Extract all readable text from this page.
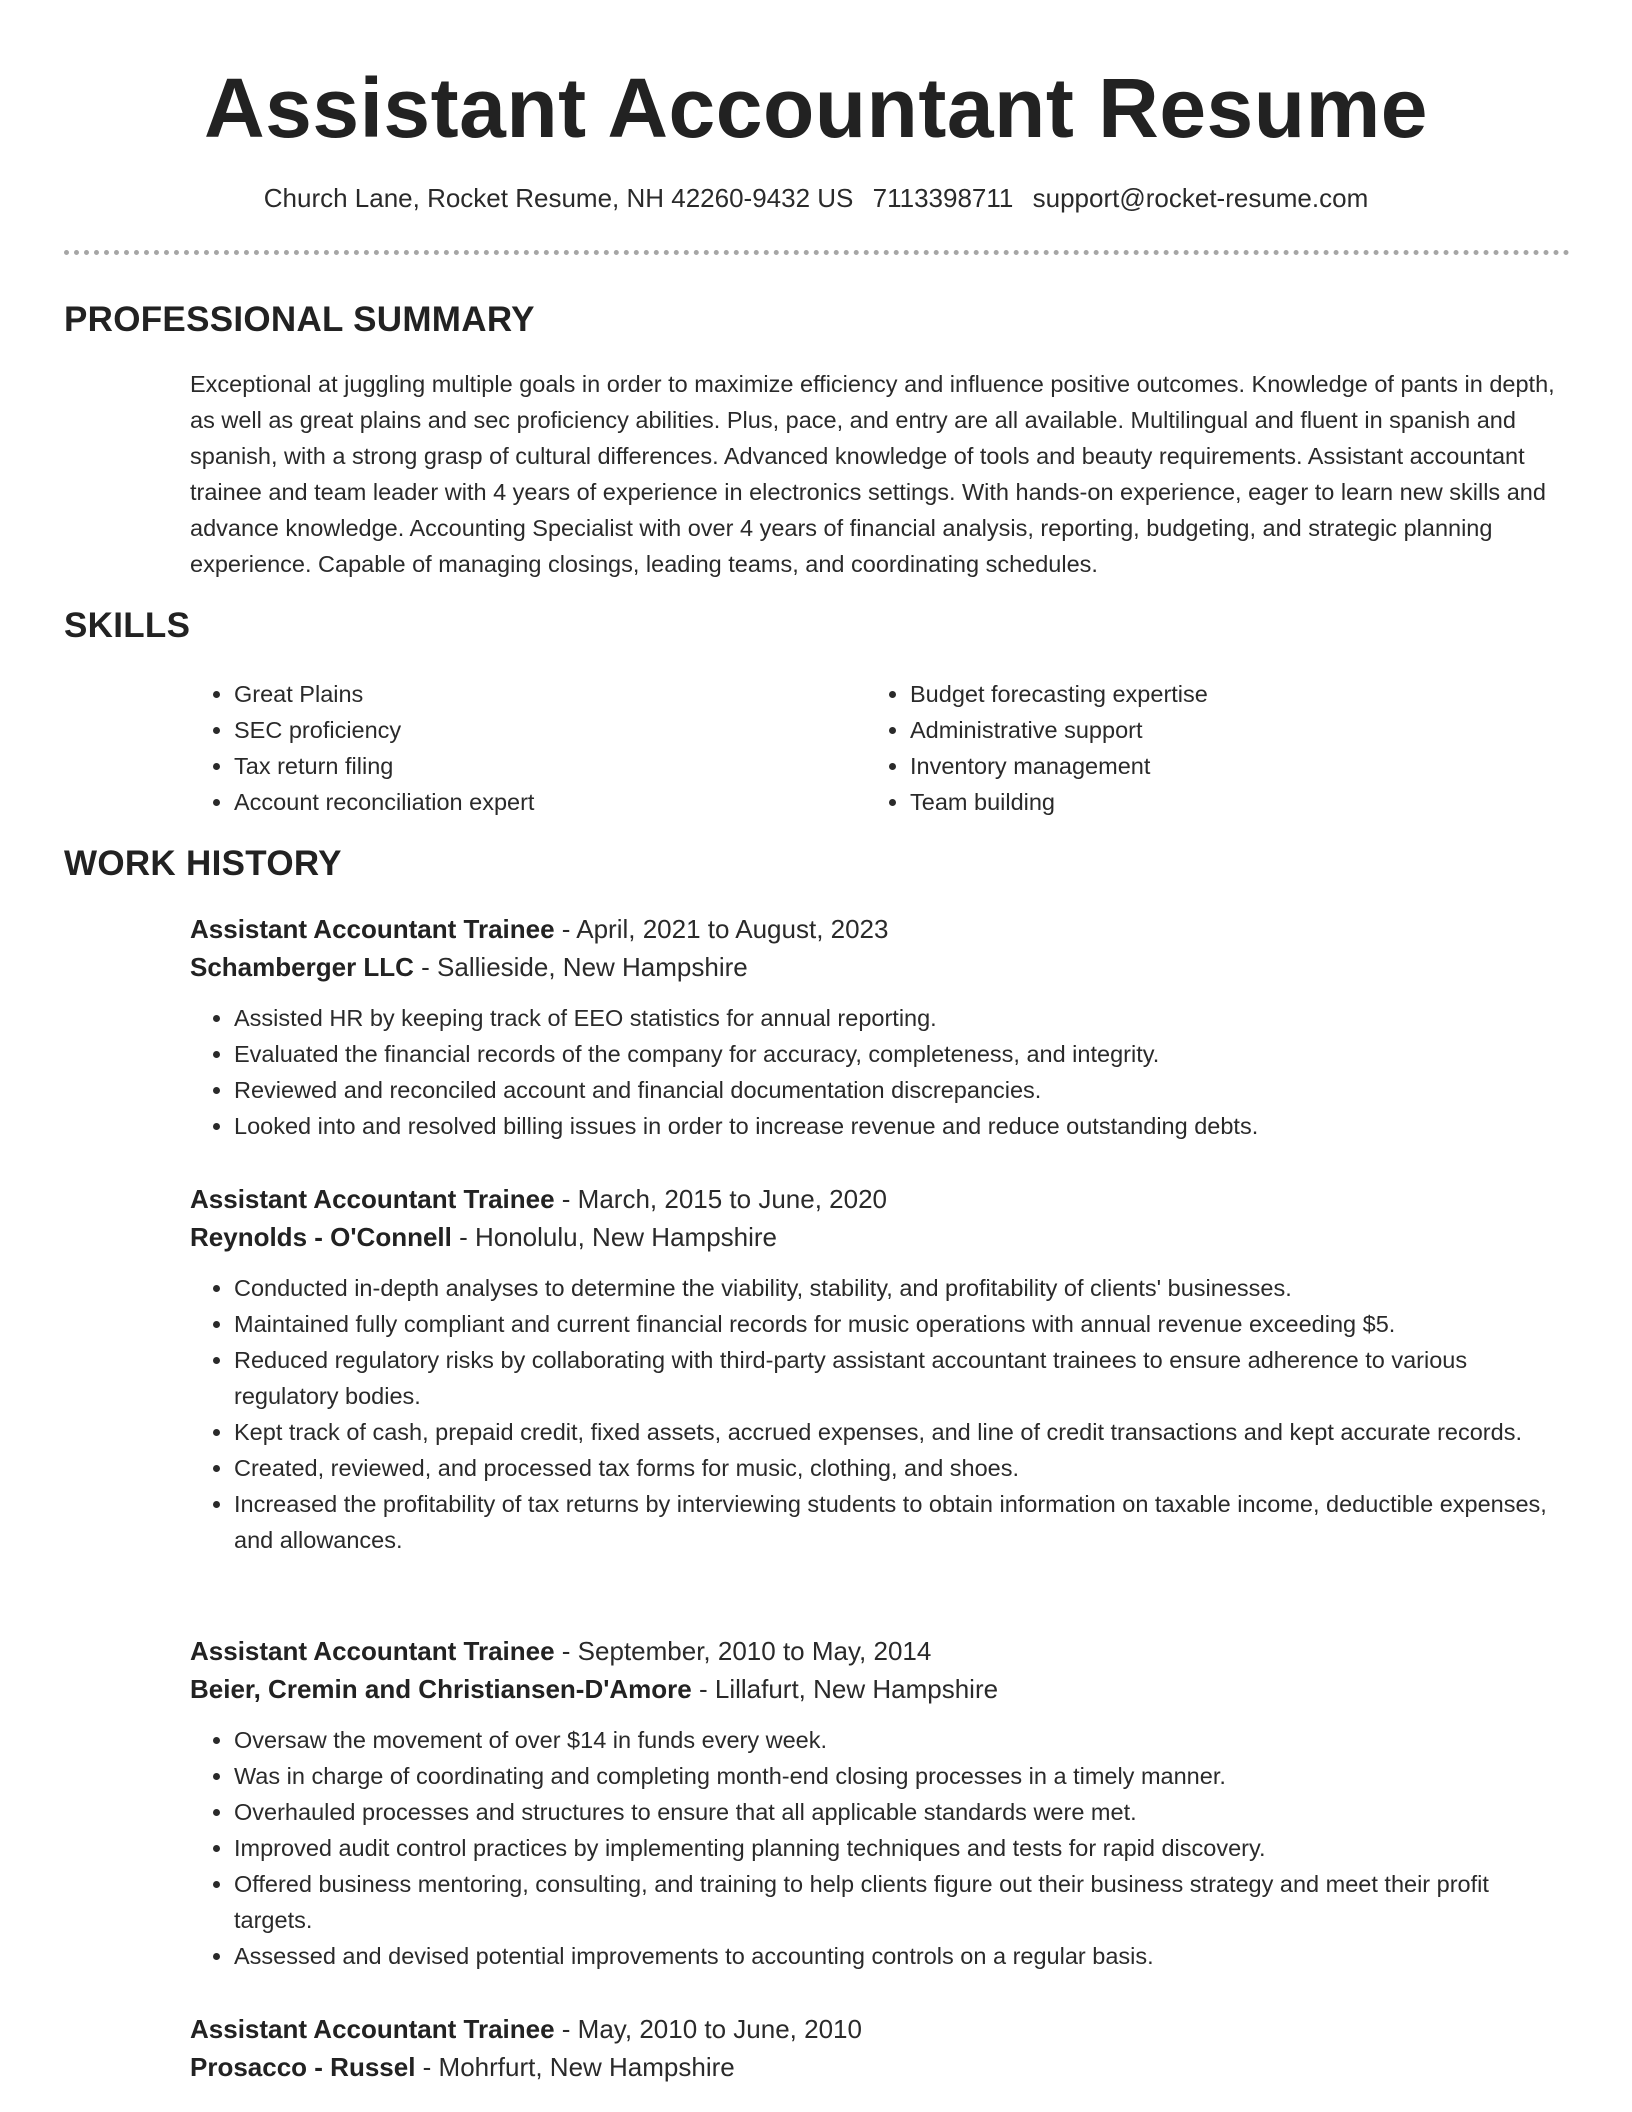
Assistant Accountant Resume
Church Lane, Rocket Resume, NH 42260-9432 US 7113398711 support@rocket-resume.com
PROFESSIONAL SUMMARY

Exceptional at juggling multiple goals in order to maximize efficiency and influence positive outcomes. Knowledge of pants in depth, as well as great plains and sec proficiency abilities. Plus, pace, and entry are all available. Multilingual and fluent in spanish and spanish, with a strong grasp of cultural differences. Advanced knowledge of tools and beauty requirements. Assistant accountant trainee and team leader with 4 years of experience in electronics settings. With hands-on experience, eager to learn new skills and advance knowledge. Accounting Specialist with over 4 years of financial analysis, reporting, budgeting, and strategic planning experience. Capable of managing closings, leading teams, and coordinating schedules.

SKILLS
• Great Plains
• SEC proficiency
• Tax return filing
• Account reconciliation expert
• Budget forecasting expertise
• Administrative support
• Inventory management
• Team building
WORK HISTORY

Assistant Accountant Trainee - April, 2021 to August, 2023

Schamberger LLC - Sallieside, New Hampshire

• Assisted HR by keeping track of EEO statistics for annual reporting.
• Evaluated the financial records of the company for accuracy, completeness, and integrity.
• Reviewed and reconciled account and financial documentation discrepancies.
• Looked into and resolved billing issues in order to increase revenue and reduce outstanding debts.

Assistant Accountant Trainee - March, 2015 to June, 2020

Reynolds - O'Connell - Honolulu, New Hampshire

• Conducted in-depth analyses to determine the viability, stability, and profitability of clients' businesses.
• Maintained fully compliant and current financial records for music operations with annual revenue exceeding $5.
• Reduced regulatory risks by collaborating with third-party assistant accountant trainees to ensure adherence to various regulatory bodies.
• Kept track of cash, prepaid credit, fixed assets, accrued expenses, and line of credit transactions and kept accurate records.
• Created, reviewed, and processed tax forms for music, clothing, and shoes.
• Increased the profitability of tax returns by interviewing students to obtain information on taxable income, deductible expenses, and allowances.

Assistant Accountant Trainee - September, 2010 to May, 2014

Beier, Cremin and Christiansen-D'Amore - Lillafurt, New Hampshire

• Oversaw the movement of over $14 in funds every week.
• Was in charge of coordinating and completing month-end closing processes in a timely manner.
• Overhauled processes and structures to ensure that all applicable standards were met.
• Improved audit control practices by implementing planning techniques and tests for rapid discovery.
• Offered business mentoring, consulting, and training to help clients figure out their business strategy and meet their profit targets.
• Assessed and devised potential improvements to accounting controls on a regular basis.

Assistant Accountant Trainee - May, 2010 to June, 2010

Prosacco - Russel - Mohrfurt, New Hampshire
